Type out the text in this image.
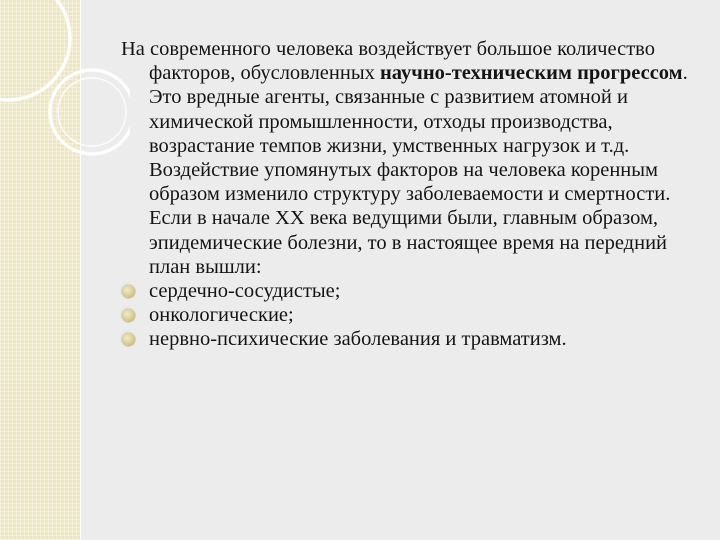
На современного человека воздействует большое количество факторов, обусловленных научно-техническим прогрессом. Это вредные агенты, связанные с развитием атомной и химической промышленности, отходы производства, возрастание темпов жизни, умственных нагрузок и т.д. Воздействие упомянутых факторов на человека коренным образом изменило структуру заболеваемости и смертности. Если в начале XX века ведущими были, главным образом, эпидемические болезни, то в настоящее время на передний план вышли:

сердечно-сосудистые;
онкологические;
нервно-психические заболевания и травматизм.
